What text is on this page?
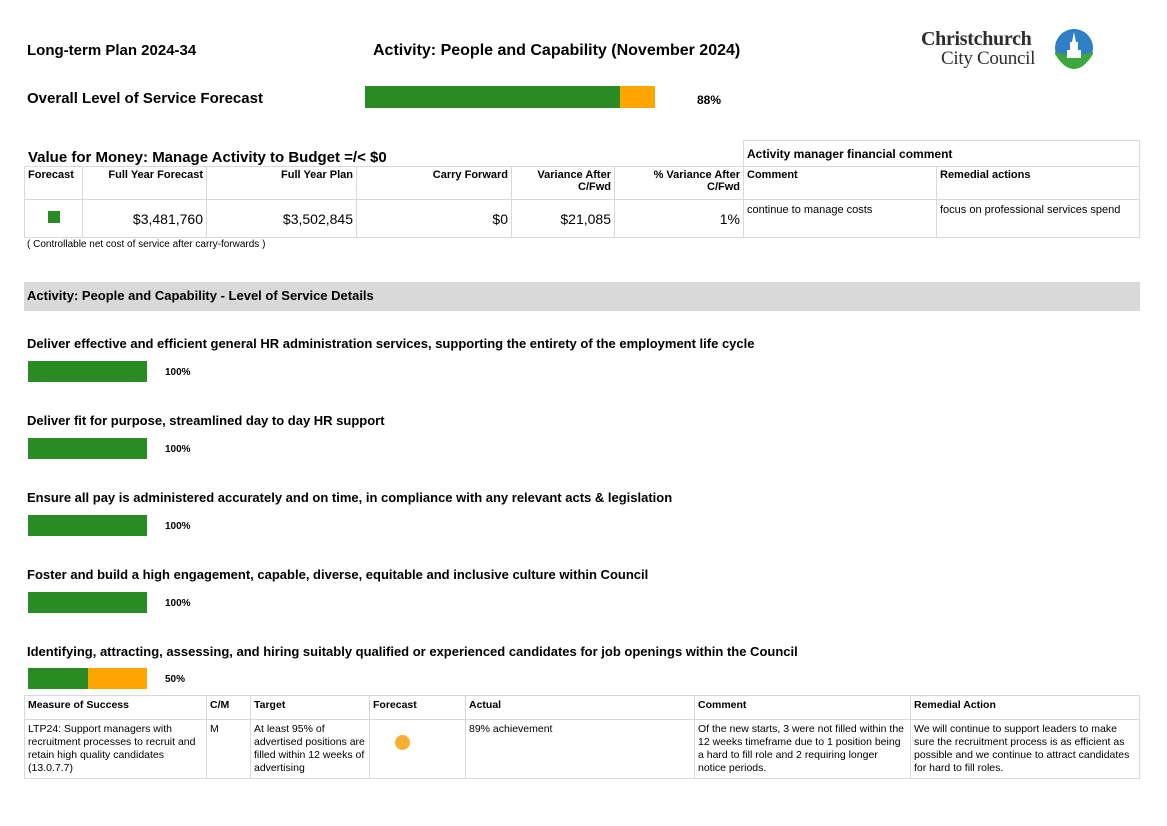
Long-term Plan 2024-34	Activity: People and Capability (November 2024)
Christchurch
City Council
Overall Level of Service Forecast	88%
Value for Money: Manage Activity to Budget =/< $0						Activity manager financial comment	
Forecast	Full Year Forecast	Full Year Plan	Carry Forward	Variance After C/Fwd	% Variance After C/Fwd	Comment	Remedial actions
	$3,481,760	$3,502,845	$0	$21,085	1%	continue to manage costs	focus on professional services spend
( Controllable net cost of service after carry-forwards )
Activity: People and Capability - Level of Service Details
Deliver effective and efficient general HR administration services, supporting the entirety of the employment life cycle
100%
Deliver fit for purpose, streamlined day to day HR support
100%
Ensure all pay is administered accurately and on time, in compliance with any relevant acts & legislation
100%
Foster and build a high engagement, capable, diverse, equitable and inclusive culture within Council
100%
Identifying, attracting, assessing, and hiring suitably qualified or experienced candidates for job openings within the Council
50%
Measure of Success	C/M	Target	Forecast	Actual	Comment	Remedial Action
LTP24: Support managers with recruitment processes to recruit and retain high quality candidates (13.0.7.7)	M	At least 95% of advertised positions are filled within 12 weeks of advertising		89% achievement	Of the new starts, 3 were not filled within the 12 weeks timeframe due to 1 position being a hard to fill role and 2 requiring longer notice periods.	We will continue to support leaders to make sure the recruitment process is as efficient as possible and we continue to attract candidates for hard to fill roles.
